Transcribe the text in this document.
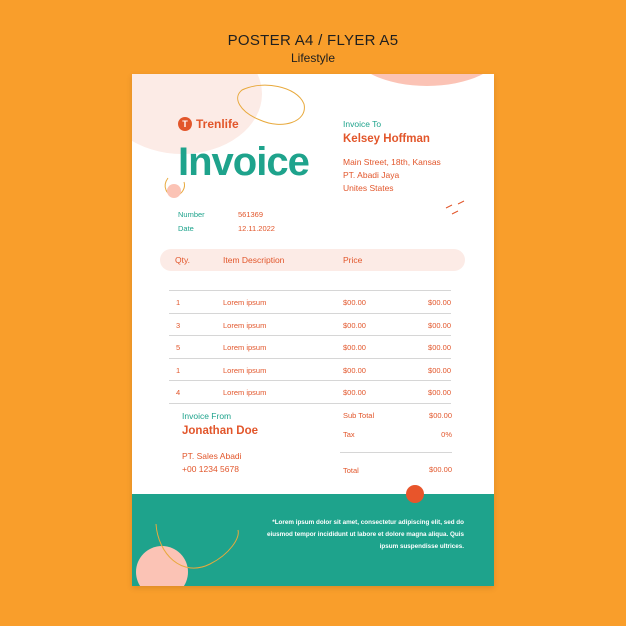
POSTER A4 / FLYER A5
Lifestyle
T Trenlife
Invoice
Number	561369
Date	12.11.2022
Invoice To
Kelsey Hoffman
Main Street, 18th, Kansas
PT. Abadi Jaya
Unites States
Qty.	Item Description	Price
1	Lorem ipsum	$00.00	$00.00
3	Lorem ipsum	$00.00	$00.00
5	Lorem ipsum	$00.00	$00.00
1	Lorem ipsum	$00.00	$00.00
4	Lorem ipsum	$00.00	$00.00
Invoice From
Jonathan Doe
PT. Sales Abadi
+00 1234 5678
Sub Total	$00.00
Tax	0%
Total	$00.00
*Lorem ipsum dolor sit amet, consectetur adipiscing elit, sed do eiusmod tempor incididunt ut labore et dolore magna aliqua. Quis ipsum suspendisse ultrices.
